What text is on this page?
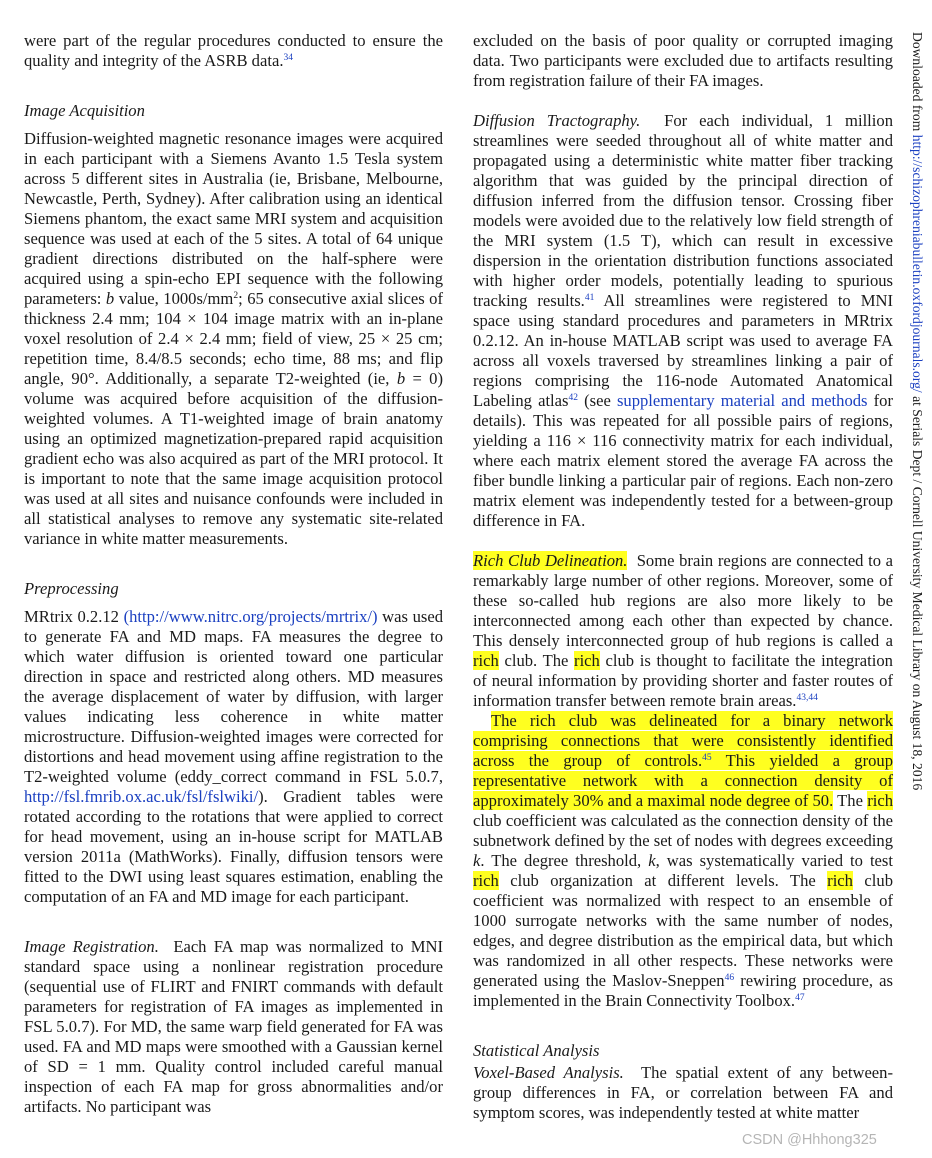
were part of the regular procedures conducted to ensure the quality and integrity of the ASRB data.$^{34}$

Image Acquisition

Diffusion-weighted magnetic resonance images were acquired in each participant with a Siemens Avanto 1.5 Tesla system across 5 different sites in Australia (ie, Brisbane, Melbourne, Newcastle, Perth, Sydney). After calibration using an identical Siemens phantom, the exact same MRI system and acquisition sequence was used at each of the 5 sites. A total of 64 unique gradient directions distributed on the half-sphere were acquired using a spin-echo EPI sequence with the following parameters: b value, $1000s/mm^2$; 65 consecutive axial slices of thickness 2.4 mm; 104 × 104 image matrix with an in-plane voxel resolution of 2.4 × 2.4 mm; field of view, 25 × 25 cm; repetition time, 8.4/8.5 seconds; echo time, 88 ms; and flip angle, 90°. Additionally, a separate T2-weighted (ie, b = 0) volume was acquired before acquisition of the diffusion-weighted volumes. A T1-weighted image of brain anatomy using an optimized magnetization-prepared rapid acquisition gradient echo was also acquired as part of the MRI protocol. It is important to note that the same image acquisition protocol was used at all sites and nuisance confounds were included in all statistical analyses to remove any systematic site-related variance in white matter measurements.

Preprocessing

MRtrix 0.2.12 (http://www.nitrc.org/projects/mrtrix/) was used to generate FA and MD maps. FA measures the degree to which water diffusion is oriented toward one particular direction in space and restricted along others. MD measures the average displacement of water by diffusion, with larger values indicating less coherence in white matter microstructure. Diffusion-weighted images were corrected for distortions and head movement using affine registration to the T2-weighted volume (eddy_correct command in FSL 5.0.7, http://fsl.fmrib.ox.ac.uk/fsl/fslwiki/). Gradient tables were rotated according to the rotations that were applied to correct for head movement, using an in-house script for MATLAB version 2011a (MathWorks). Finally, diffusion tensors were fitted to the DWI using least squares estimation, enabling the computation of an FA and MD image for each participant.

Image Registration. Each FA map was normalized to MNI standard space using a nonlinear registration procedure (sequential use of FLIRT and FNIRT commands with default parameters for registration of FA images as implemented in FSL 5.0.7). For MD, the same warp field generated for FA was used. FA and MD maps were smoothed with a Gaussian kernel of SD = 1 mm. Quality control included careful manual inspection of each FA map for gross abnormalities and/or artifacts. No participant was

excluded on the basis of poor quality or corrupted imaging data. Two participants were excluded due to artifacts resulting from registration failure of their FA images.

Diffusion Tractography. For each individual, 1 million streamlines were seeded throughout all of white matter and propagated using a deterministic white matter fiber tracking algorithm that was guided by the principal direction of diffusion inferred from the diffusion tensor. Crossing fiber models were avoided due to the relatively low field strength of the MRI system (1.5 T), which can result in excessive dispersion in the orientation distribution functions associated with higher order models, potentially leading to spurious tracking results.$^{41}$ All streamlines were registered to MNI space using standard procedures and parameters in MRtrix 0.2.12. An in-house MATLAB script was used to average FA across all voxels traversed by streamlines linking a pair of regions comprising the 116-node Automated Anatomical Labeling atlas$^{42}$ (see supplementary material and methods for details). This was repeated for all possible pairs of regions, yielding a 116 × 116 connectivity matrix for each individual, where each matrix element stored the average FA across the fiber bundle linking a particular pair of regions. Each non-zero matrix element was independently tested for a between-group difference in FA.

Rich Club Delineation. Some brain regions are connected to a remarkably large number of other regions. Moreover, some of these so-called hub regions are also more likely to be interconnected among each other than expected by chance. This densely interconnected group of hub regions is called a rich club. The rich club is thought to facilitate the integration of neural information by providing shorter and faster routes of information transfer between remote brain areas.$^{43,44}$

The rich club was delineated for a binary network comprising connections that were consistently identified across the group of controls.$^{45}$ This yielded a group representative network with a connection density of approximately 30% and a maximal node degree of 50. The rich club coefficient was calculated as the connection density of the subnetwork defined by the set of nodes with degrees exceeding k. The degree threshold, k, was systematically varied to test rich club organization at different levels. The rich club coefficient was normalized with respect to an ensemble of 1000 surrogate networks with the same number of nodes, edges, and degree distribution as the empirical data, but which was randomized in all other respects. These networks were generated using the Maslov-Sneppen$^{46}$ rewiring procedure, as implemented in the Brain Connectivity Toolbox.$^{47}$

Statistical Analysis

Voxel-Based Analysis. The spatial extent of any between-group differences in FA, or correlation between FA and symptom scores, was independently tested at white matter

Downloaded from http://schizophreniabulletin.oxfordjournals.org/ at Serials Dept / Cornell University Medical Library on August 18, 2016
CSDN @Hhhong325
